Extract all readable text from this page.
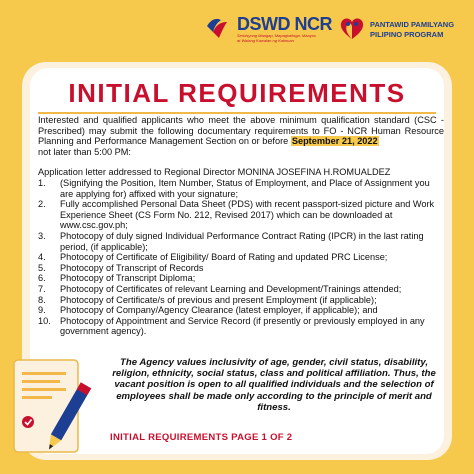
DSWD NCR
Serbisyong Maagap, Mapagkalinga, Maayos at Walang Kawalan ng Katinuan
PANTAWID PAMILYANG
PILIPINO PROGRAM
INITIAL REQUIREMENTS

Interested and qualified applicants who meet the above minimum qualification standard (CSC - Prescribed) may submit the following documentary requirements to FO - NCR Human Resource Planning and Performance Management Section on or before September 21, 2022
not later than 5:00 PM:

Application letter addressed to Regional Director MONINA JOSEFINA H.ROMUALDEZ

1. (Signifying the Position, Item Number, Status of Employment, and Place of Assignment you are applying for) affixed with your signature;
2. Fully accomplished Personal Data Sheet (PDS) with recent passport-sized picture and Work Experience Sheet (CS Form No. 212, Revised 2017) which can be downloaded at www.csc.gov.ph;
3. Photocopy of duly signed Individual Performance Contract Rating (IPCR) in the last rating period, (if applicable);
4. Photocopy of Certificate of Eligibility/ Board of Rating and updated PRC License;
5. Photocopy of Transcript of Records
6. Photocopy of Transcript Diploma;
7. Photocopy of Certificates of relevant Learning and Development/Trainings attended;
8. Photocopy of Certificate/s of previous and present Employment (if applicable);
9. Photocopy of Company/Agency Clearance (latest employer, if applicable); and
10. Photocopy of Appointment and Service Record (if presently or previously employed in any government agency).
The Agency values inclusivity of age, gender, civil status, disability, religion, ethnicity, social status, class and political affiliation. Thus, the vacant position is open to all qualified individuals and the selection of employees shall be made only according to the principle of merit and fitness.
INITIAL REQUIREMENTS PAGE 1 OF 2
